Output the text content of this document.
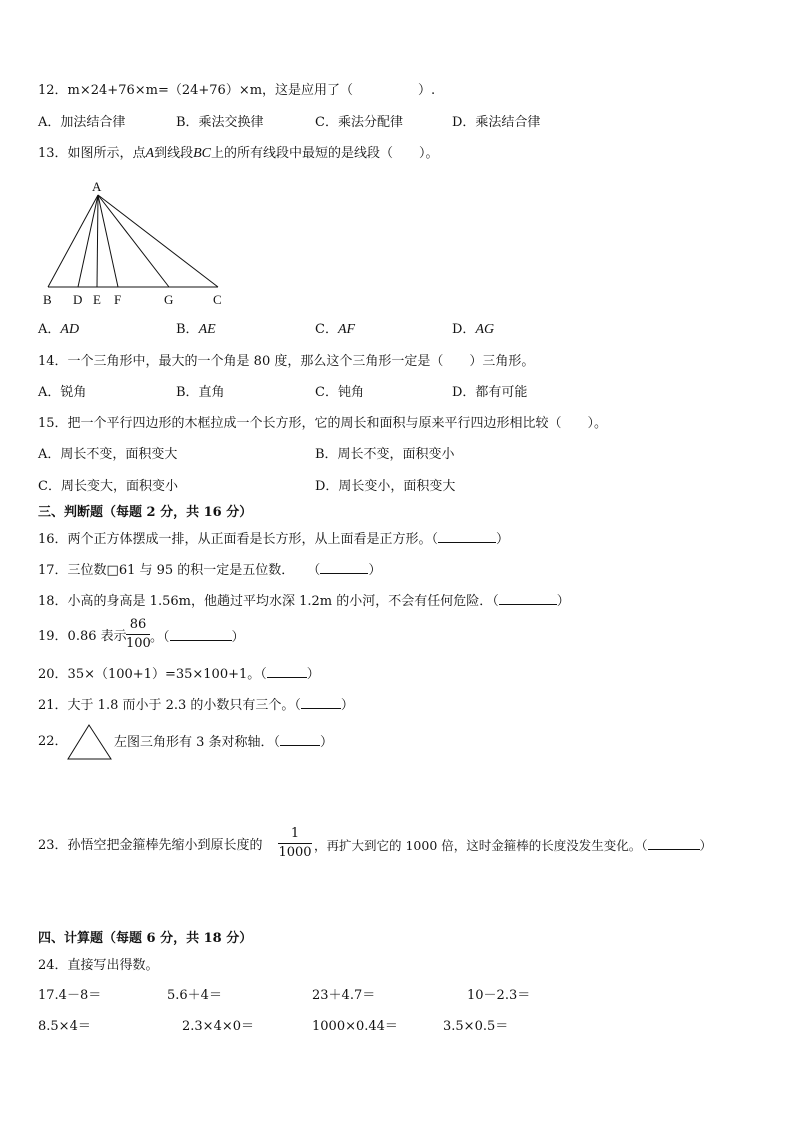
12．m×24+76×m=（24+76）×m，这是应用了（　　　　　）.
A．加法结合律	B．乘法交换律	C．乘法分配律	D．乘法结合律
13．如图所示，点A到线段BC上的所有线段中最短的是线段（　　）。
A
B D E F	G	C
A．AD	B．AE	C．AF	D．AG
14．一个三角形中，最大的一个角是 80 度，那么这个三角形一定是（　　）三角形。
A．锐角	B．直角	C．钝角	D．都有可能
15．把一个平行四边形的木框拉成一个长方形，它的周长和面积与原来平行四边形相比较（　　）。
A．周长不变，面积变大	B．周长不变，面积变小
C．周长变大，面积变小	D．周长变小，面积变大
三、判断题（每题 2 分，共 16 分）
16．两个正方体摆成一排，从正面看是长方形，从上面看是正方形。（	）
17．三位数□61 与 95 的积一定是五位数．　　（	）
18．小高的身高是 1.56m，他趟过平均水深 1.2m 的小河，不会有任何危险．（	）
19．0.86 表示
86
100 。（	）
20．35×（100+1）=35×100+1。（	）
21．大于 1.8 而小于 2.3 的小数只有三个。（	）
22．	左图三角形有 3 条对称轴．（	）
23．孙悟空把金箍棒先缩小到原长度的
1
1000 ，再扩大到它的 1000 倍，这时金箍棒的长度没发生变化。（	）
四、计算题（每题 6 分，共 18 分）
24．直接写出得数。
17.4－8＝	5.6＋4＝	23＋4.7＝	10－2.3＝
8.5×4＝	2.3×4×0＝	1000×0.44＝	3.5×0.5＝
